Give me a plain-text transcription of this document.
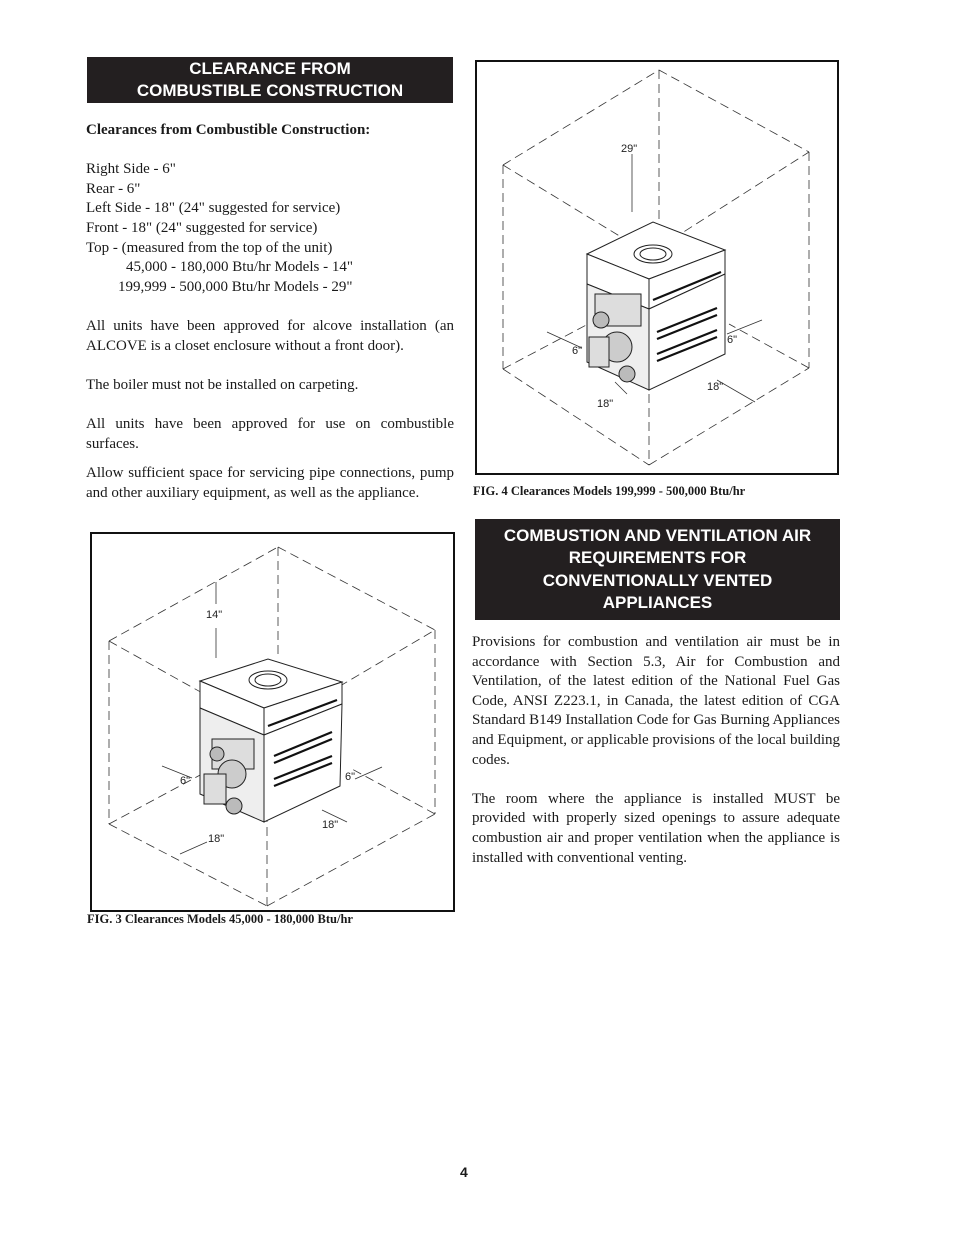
CLEARANCE FROM
COMBUSTIBLE CONSTRUCTION

Clearances from Combustible Construction:

Right Side - 6"

Rear - 6"

Left Side - 18" (24" suggested for service)

Front - 18" (24" suggested for service)

Top - (measured from the top of the unit)

45,000 - 180,000 Btu/hr Models - 14"

199,999 - 500,000 Btu/hr Models - 29"

All units have been approved for alcove installation (an ALCOVE is a closet enclosure without a front door).

The boiler must not be installed on carpeting.

All units have been approved for use on combustible surfaces.

Allow sufficient space for servicing pipe connections, pump and other auxiliary equipment, as well as the appliance.

14"
6"	6"
18"
18"
FIG. 3 Clearances Models 45,000 - 180,000 Btu/hr
29"
6"
6"
18"
18"
FIG. 4 Clearances Models 199,999 - 500,000 Btu/hr
COMBUSTION AND VENTILATION AIR
REQUIREMENTS FOR
CONVENTIONALLY VENTED
APPLIANCES

Provisions for combustion and ventilation air must be in accordance with Section 5.3, Air for Combustion and Ventilation, of the latest edition of the National Fuel Gas Code, ANSI Z223.1, in Canada, the latest edition of CGA Standard B149 Installation Code for Gas Burning Appliances and Equipment, or applicable provisions of the local building codes.

The room where the appliance is installed MUST be provided with properly sized openings to assure adequate combustion air and proper ventilation when the appliance is installed with conventional venting.

4
